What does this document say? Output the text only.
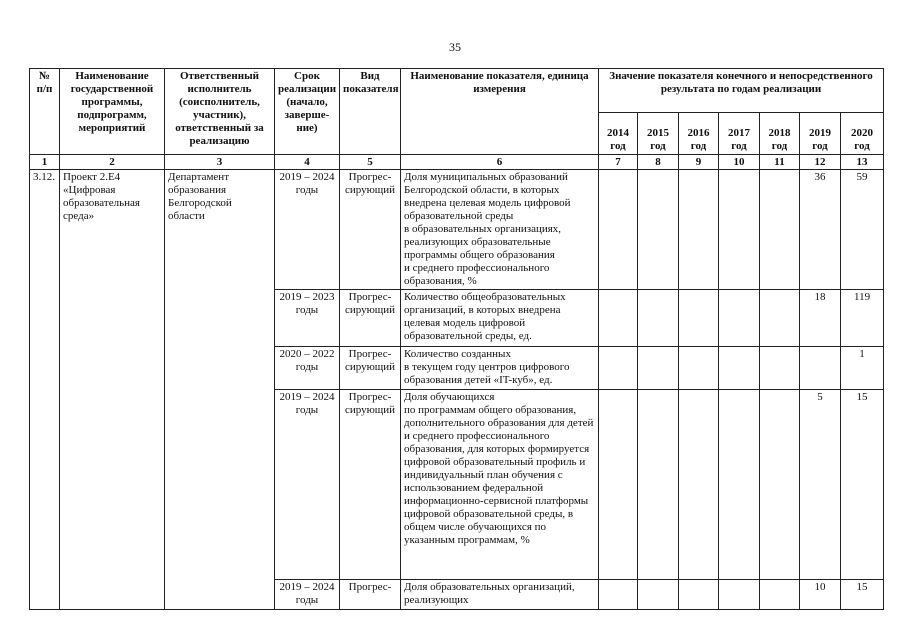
35
№ п/п	Наименование государственной программы, подпрограмм, мероприятий	Ответственный исполнитель (соисполнитель, участник), ответственный за реализацию	Срок реализации (начало, заверше-ние)	Вид показателя	Наименование показателя, единица измерения	Значение показателя конечного и непосредственного результата по годам реализации						
						2014 год	2015 год	2016 год	2017 год	2018 год	2019 год	2020 год
1	2	3	4	5	6	7	8	9	10	11	12	13
3.12.	Проект 2.Е4 «Цифровая образовательная среда»	Департамент образования Белгородской области	2019 – 2024 годы	Прогрес-сирующий	Доля муниципальных образований Белгородской области, в которых внедрена целевая модель цифровой образовательной среды
в образовательных организациях, реализующих образовательные программы общего образования
и среднего профессионального образования, %						36	59
			2019 – 2023 годы	Прогрес-сирующий	Количество общеобразовательных организаций, в которых внедрена целевая модель цифровой образовательной среды, ед.						18	119
			2020 – 2022 годы	Прогрес-сирующий	Количество созданных
в текущем году центров цифрового образования детей «IT-куб», ед.							1
			2019 – 2024 годы	Прогрес-сирующий	Доля обучающихся
по программам общего образования, дополнительного образования для детей и среднего профессионального образования, для которых формируется цифровой образовательный профиль и индивидуальный план обучения с использованием федеральной информационно-сервисной платформы цифровой образовательной среды, в общем числе обучающихся по указанным программам, %						5	15
			2019 – 2024 годы	Прогрес-	Доля образовательных организаций, реализующих						10	15
